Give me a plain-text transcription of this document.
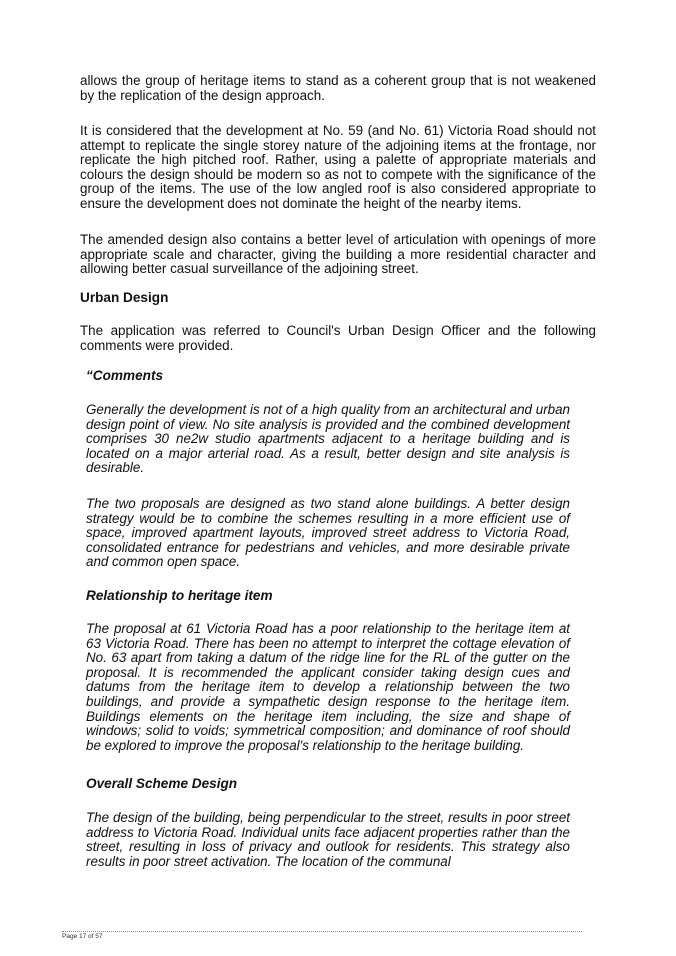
allows the group of heritage items to stand as a coherent group that is not weakened by the replication of the design approach.

It is considered that the development at No. 59 (and No. 61) Victoria Road should not attempt to replicate the single storey nature of the adjoining items at the frontage, nor replicate the high pitched roof. Rather, using a palette of appropriate materials and colours the design should be modern so as not to compete with the significance of the group of the items. The use of the low angled roof is also considered appropriate to ensure the development does not dominate the height of the nearby items.

The amended design also contains a better level of articulation with openings of more appropriate scale and character, giving the building a more residential character and allowing better casual surveillance of the adjoining street.

Urban Design

The application was referred to Council's Urban Design Officer and the following comments were provided.

“Comments

Generally the development is not of a high quality from an architectural and urban design point of view. No site analysis is provided and the combined development comprises 30 ne2w studio apartments adjacent to a heritage building and is located on a major arterial road. As a result, better design and site analysis is desirable.

The two proposals are designed as two stand alone buildings. A better design strategy would be to combine the schemes resulting in a more efficient use of space, improved apartment layouts, improved street address to Victoria Road, consolidated entrance for pedestrians and vehicles, and more desirable private and common open space.

Relationship to heritage item

The proposal at 61 Victoria Road has a poor relationship to the heritage item at 63 Victoria Road. There has been no attempt to interpret the cottage elevation of No. 63 apart from taking a datum of the ridge line for the RL of the gutter on the proposal. It is recommended the applicant consider taking design cues and datums from the heritage item to develop a relationship between the two buildings, and provide a sympathetic design response to the heritage item. Buildings elements on the heritage item including, the size and shape of windows; solid to voids; symmetrical composition; and dominance of roof should be explored to improve the proposal's relationship to the heritage building.

Overall Scheme Design

The design of the building, being perpendicular to the street, results in poor street address to Victoria Road. Individual units face adjacent properties rather than the street, resulting in loss of privacy and outlook for residents. This strategy also results in poor street activation. The location of the communal

Page 17 of 57
